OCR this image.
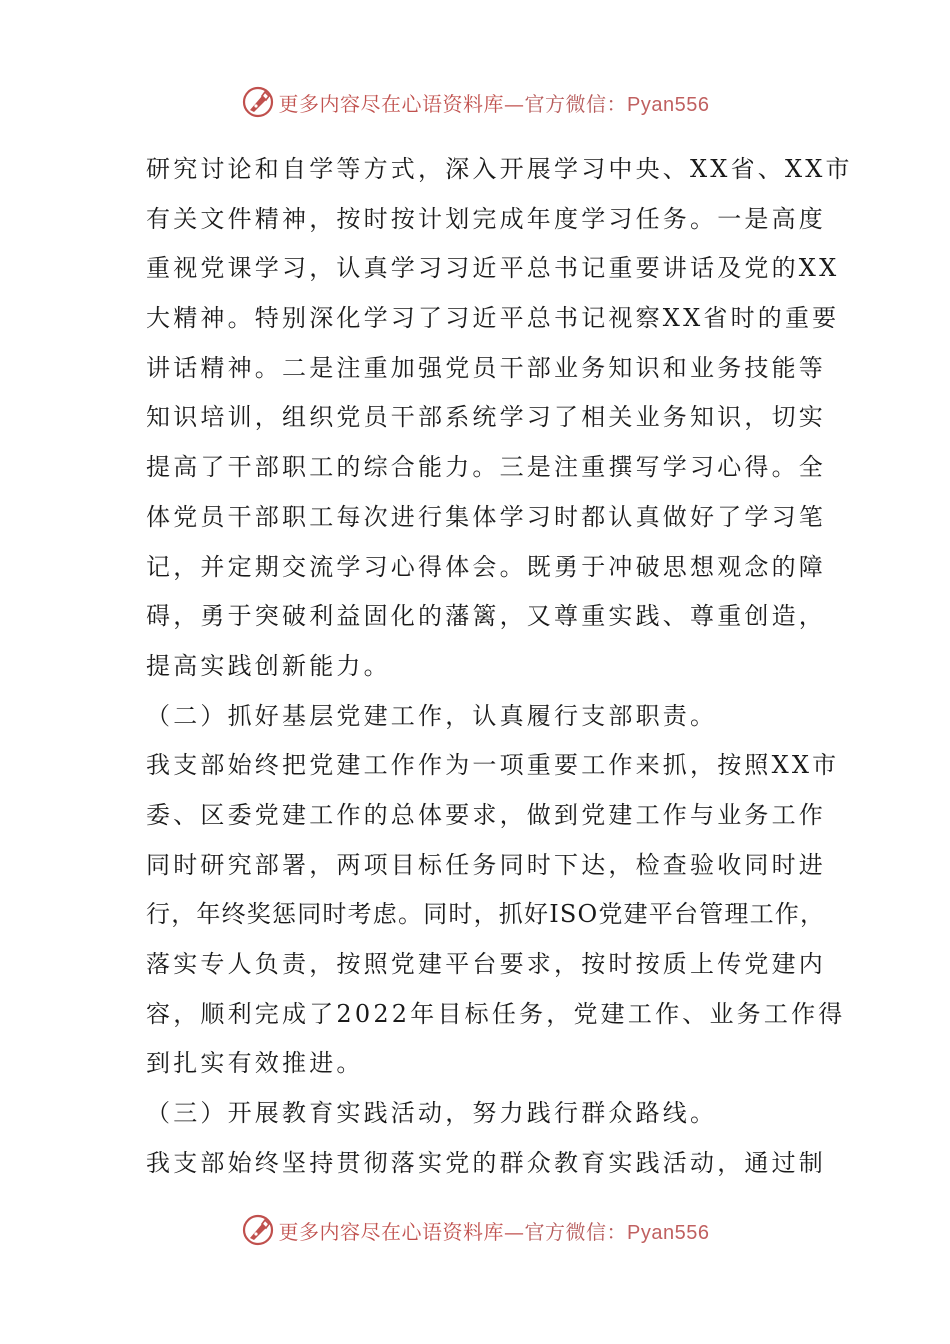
更多内容尽在心语资料库—官方微信：Pyan556
研究讨论和自学等方式，深入开展学习中央、XX省、XX市
有关文件精神，按时按计划完成年度学习任务。一是高度
重视党课学习，认真学习习近平总书记重要讲话及党的XX
大精神。特别深化学习了习近平总书记视察XX省时的重要
讲话精神。二是注重加强党员干部业务知识和业务技能等
知识培训，组织党员干部系统学习了相关业务知识，切实
提高了干部职工的综合能力。三是注重撰写学习心得。全
体党员干部职工每次进行集体学习时都认真做好了学习笔
记，并定期交流学习心得体会。既勇于冲破思想观念的障
碍，勇于突破利益固化的藩篱，又尊重实践、尊重创造，
提高实践创新能力。
（二）抓好基层党建工作，认真履行支部职责。
我支部始终把党建工作作为一项重要工作来抓，按照XX市
委、区委党建工作的总体要求，做到党建工作与业务工作
同时研究部署，两项目标任务同时下达，检查验收同时进
行，年终奖惩同时考虑。同时，抓好ISO党建平台管理工作，
落实专人负责，按照党建平台要求，按时按质上传党建内
容，顺利完成了2022年目标任务，党建工作、业务工作得
到扎实有效推进。
（三）开展教育实践活动，努力践行群众路线。
我支部始终坚持贯彻落实党的群众教育实践活动，通过制
更多内容尽在心语资料库—官方微信：Pyan556
